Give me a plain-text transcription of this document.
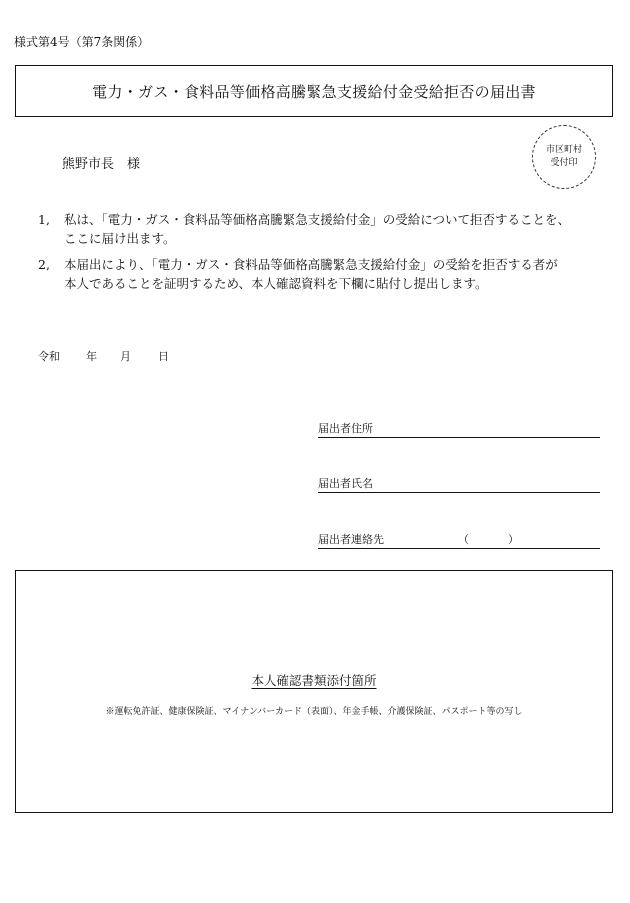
様式第4号（第7条関係）
電力・ガス・食料品等価格高騰緊急支援給付金受給拒否の届出書
市区町村
受付印
熊野市長　様
1, 私は、「電力・ガス・食料品等価格高騰緊急支援給付金」の受給について拒否することを、
ここに届け出ます。
2, 本届出により、「電力・ガス・食料品等価格高騰緊急支援給付金」の受給を拒否する者が
本人であることを証明するため、本人確認資料を下欄に貼付し提出します。
令和	年	月	日
届出者住所
届出者氏名
届出者連絡先	（	）
本人確認書類添付箇所
※運転免許証、健康保険証、マイナンバーカード（表面）、年金手帳、介護保険証、パスポート等の写し
